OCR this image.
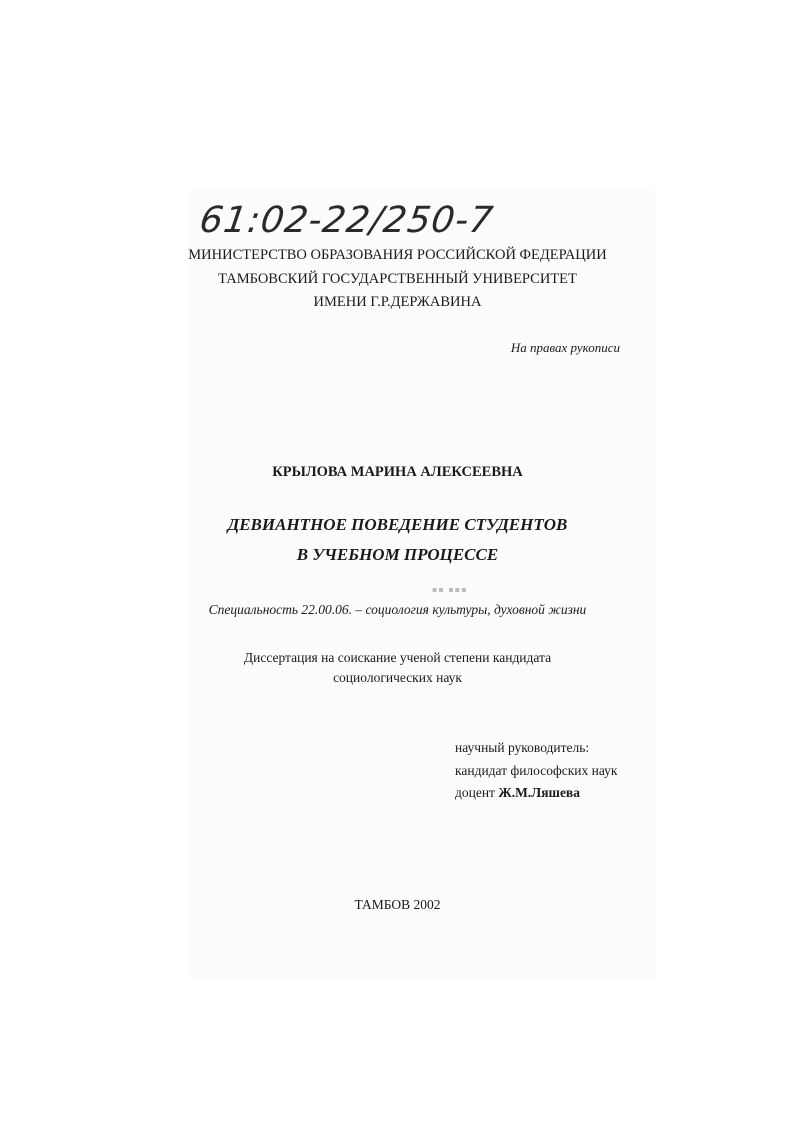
61:02-22/250-7
МИНИСТЕРСТВО ОБРАЗОВАНИЯ РОССИЙСКОЙ ФЕДЕРАЦИИ
ТАМБОВСКИЙ ГОСУДАРСТВЕННЫЙ УНИВЕРСИТЕТ
ИМЕНИ Г.Р.ДЕРЖАВИНА
На правах рукописи
КРЫЛОВА МАРИНА АЛЕКСЕЕВНА
ДЕВИАНТНОЕ ПОВЕДЕНИЕ СТУДЕНТОВ
В УЧЕБНОМ ПРОЦЕССЕ
▪▪ ▪▪▪
Специальность 22.00.06. – социология культуры, духовной жизни
Диссертация на соискание ученой степени кандидата
социологических наук
научный руководитель:
кандидат философских наук
доцент Ж.М.Ляшева
ТАМБОВ 2002
